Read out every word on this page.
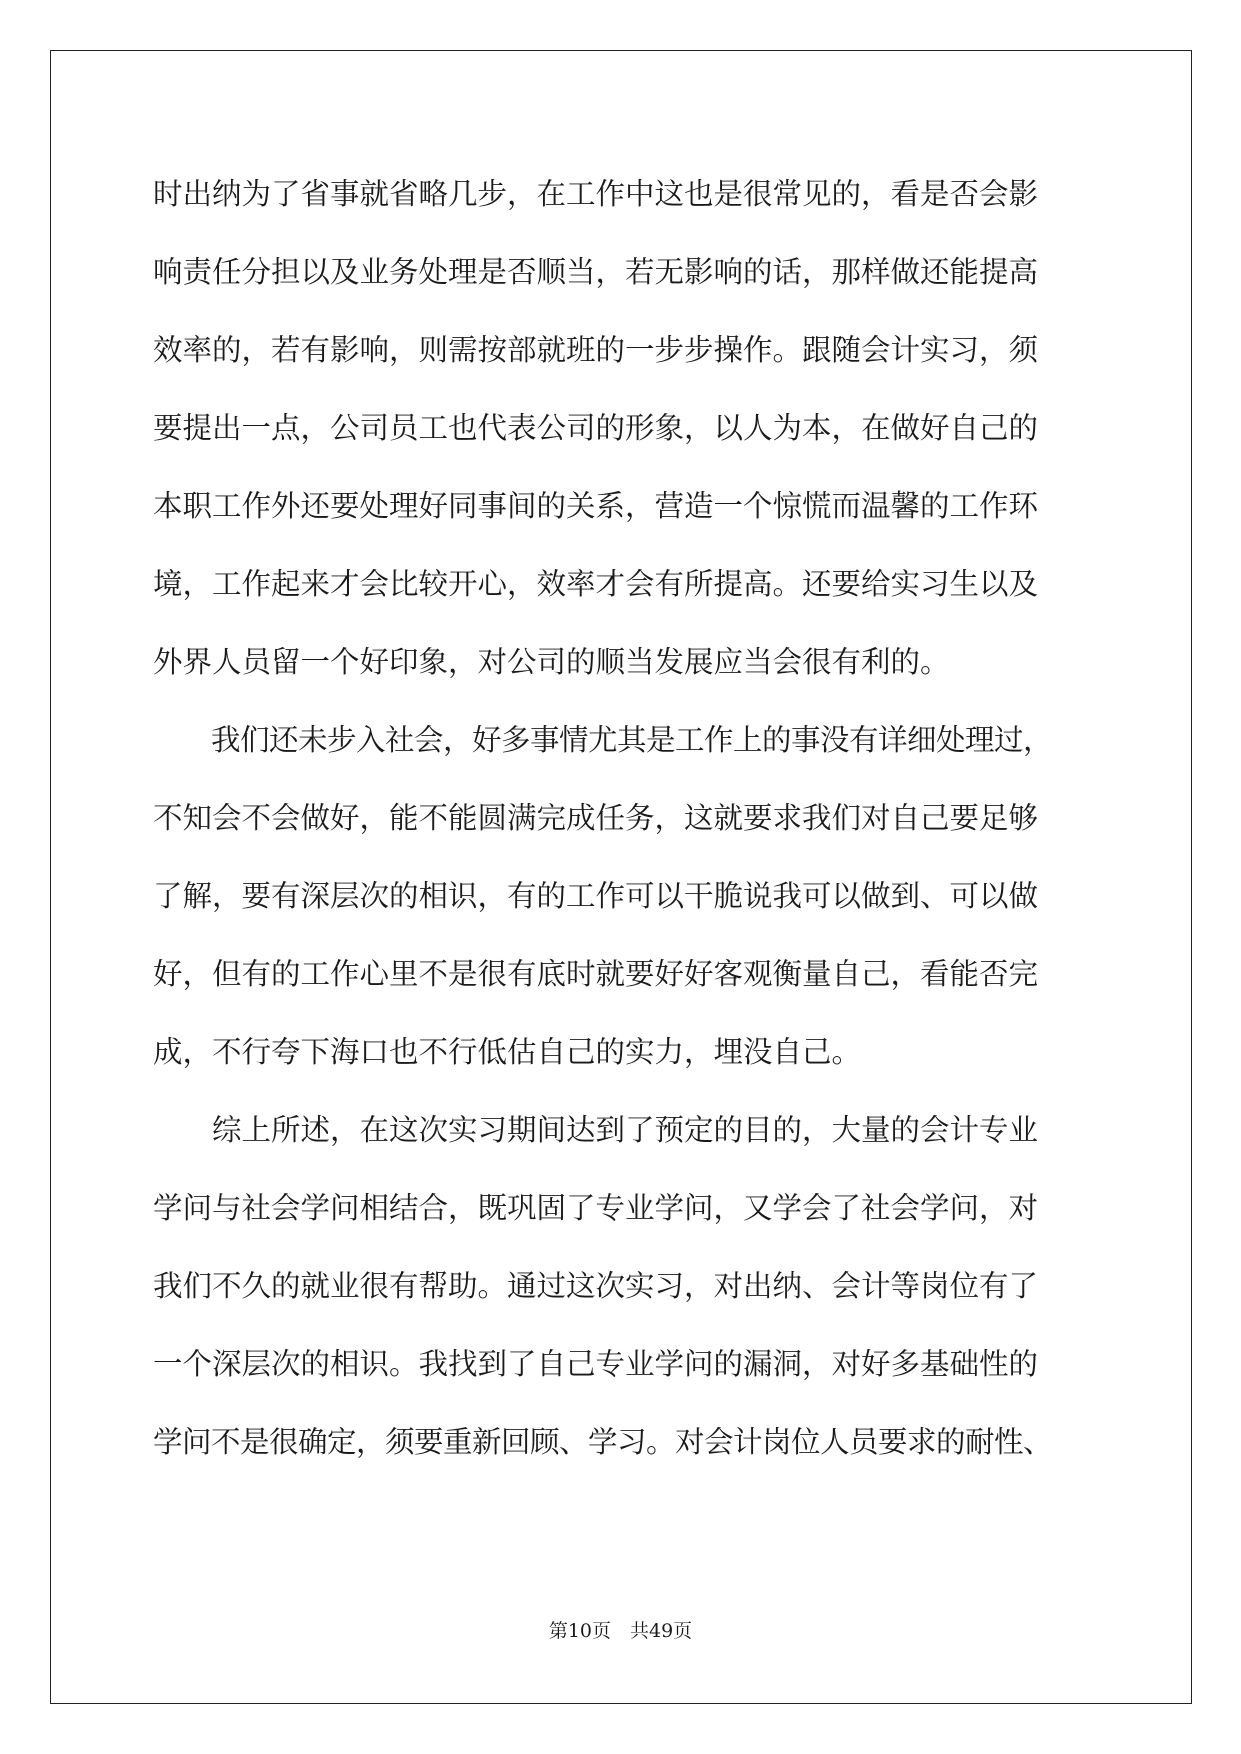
时出纳为了省事就省略几步，在工作中这也是很常见的，看是否会影
响责任分担以及业务处理是否顺当，若无影响的话，那样做还能提高
效率的，若有影响，则需按部就班的一步步操作。跟随会计实习，须
要提出一点，公司员工也代表公司的形象，以人为本，在做好自己的
本职工作外还要处理好同事间的关系，营造一个惊慌而温馨的工作环
境，工作起来才会比较开心，效率才会有所提高。还要给实习生以及
外界人员留一个好印象，对公司的顺当发展应当会很有利的。
　　我们还未步入社会，好多事情尤其是工作上的事没有详细处理过，
不知会不会做好，能不能圆满完成任务，这就要求我们对自己要足够
了解，要有深层次的相识，有的工作可以干脆说我可以做到、可以做
好，但有的工作心里不是很有底时就要好好客观衡量自己，看能否完
成，不行夸下海口也不行低估自己的实力，埋没自己。
　　综上所述，在这次实习期间达到了预定的目的，大量的会计专业
学问与社会学问相结合，既巩固了专业学问，又学会了社会学问，对
我们不久的就业很有帮助。通过这次实习，对出纳、会计等岗位有了
一个深层次的相识。我找到了自己专业学问的漏洞，对好多基础性的
学问不是很确定，须要重新回顾、学习。对会计岗位人员要求的耐性、
第10页　共49页
